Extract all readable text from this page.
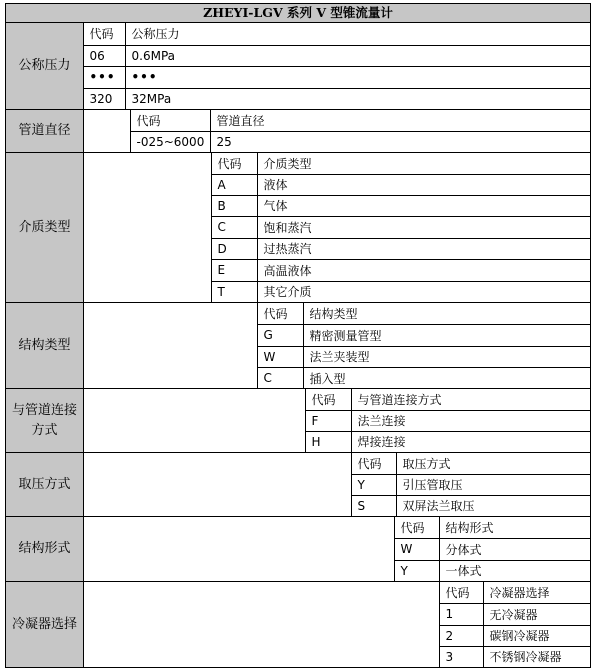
ZHEYI-LGV 系列 V 型锥流量计
公称压力
代码	公称压力
06	0.6MPa
•••	•••
320	32MPa
管道直径
代码	管道直径
-025~6000	25
介质类型
代码	介质类型
A	液体
B	气体
C	饱和蒸汽
D	过热蒸汽
E	高温液体
T	其它介质
结构类型
代码	结构类型
G	精密测量管型
W	法兰夹装型
C	插入型
与管道连接方式
代码	与管道连接方式
F	法兰连接
H	焊接连接
取压方式
代码	取压方式
Y	引压管取压
S	双屏法兰取压
结构形式
代码	结构形式
W	分体式
Y	一体式
冷凝器选择
代码	冷凝器选择
1	无冷凝器
2	碳钢冷凝器
3	不锈钢冷凝器
